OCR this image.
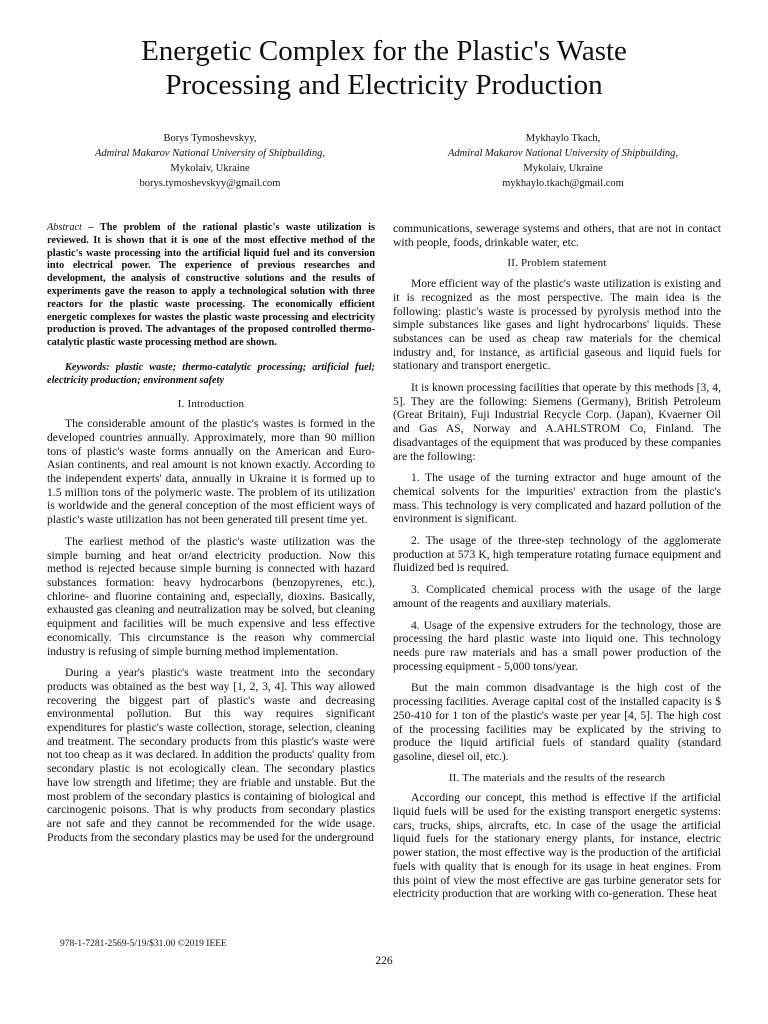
Energetic Complex for the Plastic's Waste
Processing and Electricity Production
Borys Tymoshevskyy,
Admiral Makarov National University of Shipbuilding,
Mykolaiv, Ukraine
borys.tymoshevskyy@gmail.com
Mykhaylo Tkach,
Admiral Makarov National University of Shipbuilding,
Mykolaiv, Ukraine
mykhaylo.tkach@gmail.com

Abstract – The problem of the rational plastic's waste utilization is reviewed. It is shown that it is one of the most effective method of the plastic's waste processing into the artificial liquid fuel and its conversion into electrical power. The experience of previous researches and development, the analysis of constructive solutions and the results of experiments gave the reason to apply a technological solution with three reactors for the plastic waste processing. The economically efficient energetic complexes for wastes the plastic waste processing and electricity production is proved. The advantages of the proposed controlled thermo-catalytic plastic waste processing method are shown.

Keywords: plastic waste; thermo-catalytic processing; artificial fuel; electricity production; environment safety

I. Introduction

The considerable amount of the plastic's wastes is formed in the developed countries annually. Approximately, more than 90 million tons of plastic's waste forms annually on the American and Euro-Asian continents, and real amount is not known exactly. According to the independent experts' data, annually in Ukraine it is formed up to 1.5 million tons of the polymeric waste. The problem of its utilization is worldwide and the general conception of the most efficient ways of plastic's waste utilization has not been generated till present time yet.

The earliest method of the plastic's waste utilization was the simple burning and heat or/and electricity production. Now this method is rejected because simple burning is connected with hazard substances formation: heavy hydrocarbons (benzopyrenes, etc.), chlorine- and fluorine containing and, especially, dioxins. Basically, exhausted gas cleaning and neutralization may be solved, but cleaning equipment and facilities will be much expensive and less effective economically. This circumstance is the reason why commercial industry is refusing of simple burning method implementation.

During a year's plastic's waste treatment into the secondary products was obtained as the best way [1, 2, 3, 4]. This way allowed recovering the biggest part of plastic's waste and decreasing environmental pollution. But this way requires significant expenditures for plastic's waste collection, storage, selection, cleaning and treatment. The secondary products from this plastic's waste were not too cheap as it was declared. In addition the products' quality from secondary plastic is not ecologically clean. The secondary plastics have low strength and lifetime; they are friable and unstable. But the most problem of the secondary plastics is containing of biological and carcinogenic poisons. That is why products from secondary plastics are not safe and they cannot be recommended for the wide usage. Products from the secondary plastics may be used for the underground

communications, sewerage systems and others, that are not in contact with people, foods, drinkable water, etc.

II. Problem statement

More efficient way of the plastic's waste utilization is existing and it is recognized as the most perspective. The main idea is the following: plastic's waste is processed by pyrolysis method into the simple substances like gases and light hydrocarbons' liquids. These substances can be used as cheap raw materials for the chemical industry and, for instance, as artificial gaseous and liquid fuels for stationary and transport energetic.

It is known processing facilities that operate by this methods [3, 4, 5]. They are the following: Siemens (Germany), British Petroleum (Great Britain), Fuji Industrial Recycle Corp. (Japan), Kvaerner Oil and Gas AS, Norway and A.AHLSTROM Co, Finland. The disadvantages of the equipment that was produced by these companies are the following:

1. The usage of the turning extractor and huge amount of the chemical solvents for the impurities' extraction from the plastic's mass. This technology is very complicated and hazard pollution of the environment is significant.

2. The usage of the three-step technology of the agglomerate production at 573 K, high temperature rotating furnace equipment and fluidized bed is required.

3. Complicated chemical process with the usage of the large amount of the reagents and auxiliary materials.

4. Usage of the expensive extruders for the technology, those are processing the hard plastic waste into liquid one. This technology needs pure raw materials and has a small power production of the processing equipment - 5,000 tons/year.

But the main common disadvantage is the high cost of the processing facilities. Average capital cost of the installed capacity is $ 250-410 for 1 ton of the plastic's waste per year [4, 5]. The high cost of the processing facilities may be explicated by the striving to produce the liquid artificial fuels of standard quality (standard gasoline, diesel oil, etc.).

II. The materials and the results of the research

According our concept, this method is effective if the artificial liquid fuels will be used for the existing transport energetic systems: cars, trucks, ships, aircrafts, etc. In case of the usage the artificial liquid fuels for the stationary energy plants, for instance, electric power station, the most effective way is the production of the artificial fuels with quality that is enough for its usage in heat engines. From this point of view the most effective are gas turbine generator sets for electricity production that are working with co-generation. These heat

978-1-7281-2569-5/19/$31.00 ©2019 IEEE
226
